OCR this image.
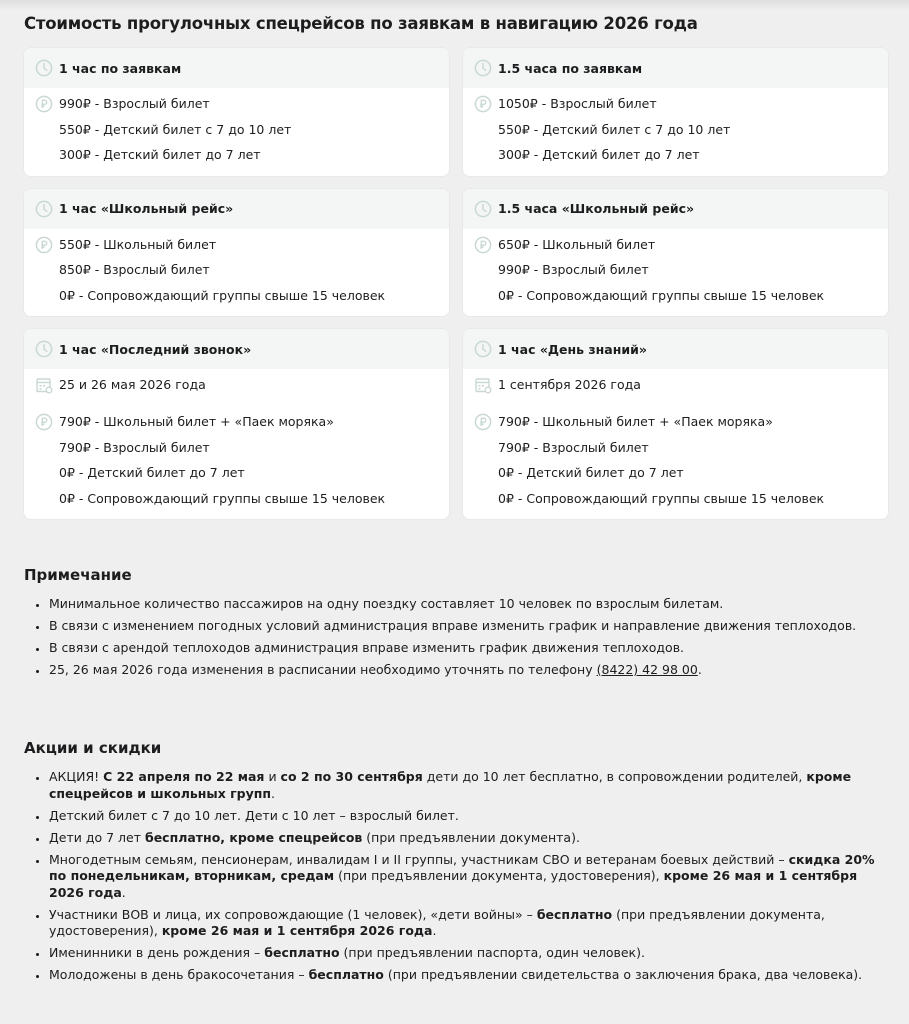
Стоимость прогулочных спецрейсов по заявкам в навигацию 2026 года
1 час по заявкам
990₽ - Взрослый билет
550₽ - Детский билет с 7 до 10 лет
300₽ - Детский билет до 7 лет
1.5 часа по заявкам
1050₽ - Взрослый билет
550₽ - Детский билет с 7 до 10 лет
300₽ - Детский билет до 7 лет
1 час «Школьный рейс»
550₽ - Школьный билет
850₽ - Взрослый билет
0₽ - Сопровождающий группы свыше 15 человек
1.5 часа «Школьный рейс»
650₽ - Школьный билет
990₽ - Взрослый билет
0₽ - Сопровождающий группы свыше 15 человек
1 час «Последний звонок»
25 и 26 мая 2026 года
790₽ - Школьный билет + «Паек моряка»
790₽ - Взрослый билет
0₽ - Детский билет до 7 лет
0₽ - Сопровождающий группы свыше 15 человек
1 час «День знаний»
1 сентября 2026 года
790₽ - Школьный билет + «Паек моряка»
790₽ - Взрослый билет
0₽ - Детский билет до 7 лет
0₽ - Сопровождающий группы свыше 15 человек
Примечание
• Минимальное количество пассажиров на одну поездку составляет 10 человек по взрослым билетам.
• В связи с изменением погодных условий администрация вправе изменить график и направление движения теплоходов.
• В связи с арендой теплоходов администрация вправе изменить график движения теплоходов.
• 25, 26 мая 2026 года изменения в расписании необходимо уточнять по телефону (8422) 42 98 00.
Акции и скидки
• АКЦИЯ! С 22 апреля по 22 мая и со 2 по 30 сентября дети до 10 лет бесплатно, в сопровождении родителей, кроме спецрейсов и школьных групп.
• Детский билет с 7 до 10 лет. Дети с 10 лет – взрослый билет.
• Дети до 7 лет бесплатно, кроме спецрейсов (при предъявлении документа).
• Многодетным семьям, пенсионерам, инвалидам I и II группы, участникам СВО и ветеранам боевых действий – скидка 20% по понедельникам, вторникам, средам (при предъявлении документа, удостоверения), кроме 26 мая и 1 сентября 2026 года.
• Участники ВОВ и лица, их сопровождающие (1 человек), «дети войны» – бесплатно (при предъявлении документа, удостоверения), кроме 26 мая и 1 сентября 2026 года.
• Именинники в день рождения – бесплатно (при предъявлении паспорта, один человек).
• Молодожены в день бракосочетания – бесплатно (при предъявлении свидетельства о заключения брака, два человека).
